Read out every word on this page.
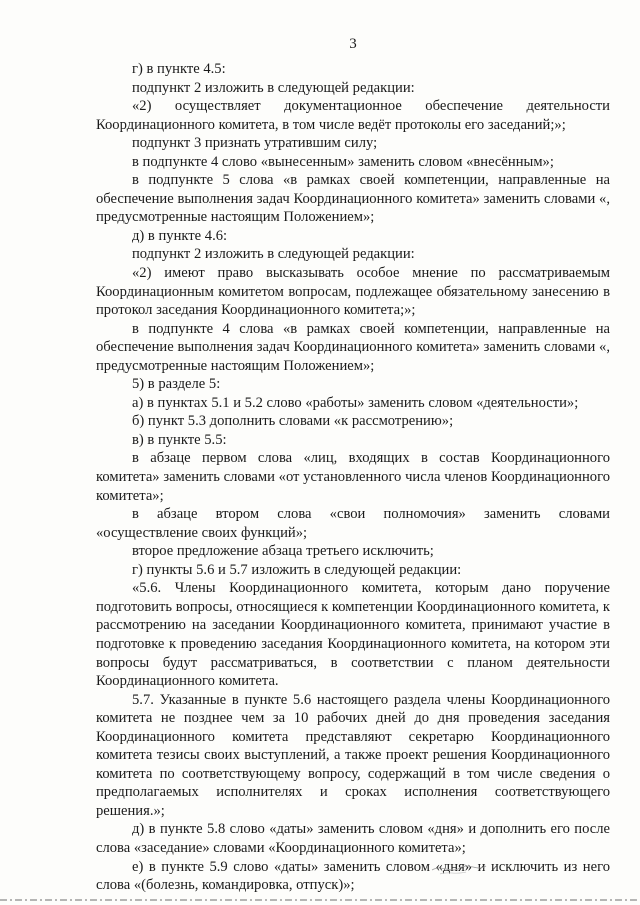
3

г) в пункте 4.5:

подпункт 2 изложить в следующей редакции:

«2) осуществляет документационное обеспечение деятельности Координационного комитета, в том числе ведёт протоколы его заседаний;»;

подпункт 3 признать утратившим силу;

в подпункте 4 слово «вынесенным» заменить словом «внесённым»;

в подпункте 5 слова «в рамках своей компетенции, направленные на обеспечение выполнения задач Координационного комитета» заменить словами «, предусмотренные настоящим Положением»;

д) в пункте 4.6:

подпункт 2 изложить в следующей редакции:

«2) имеют право высказывать особое мнение по рассматриваемым Координационным комитетом вопросам, подлежащее обязательному занесению в протокол заседания Координационного комитета;»;

в подпункте 4 слова «в рамках своей компетенции, направленные на обеспечение выполнения задач Координационного комитета» заменить словами «, предусмотренные настоящим Положением»;

5) в разделе 5:

а) в пунктах 5.1 и 5.2 слово «работы» заменить словом «деятельности»;

б) пункт 5.3 дополнить словами «к рассмотрению»;

в) в пункте 5.5:

в абзаце первом слова «лиц, входящих в состав Координационного комитета» заменить словами «от установленного числа членов Координационного комитета»;

в абзаце втором слова «свои полномочия» заменить словами «осуществление своих функций»;

второе предложение абзаца третьего исключить;

г) пункты 5.6 и 5.7 изложить в следующей редакции:

«5.6. Члены Координационного комитета, которым дано поручение подготовить вопросы, относящиеся к компетенции Координационного комитета, к рассмотрению на заседании Координационного комитета, принимают участие в подготовке к проведению заседания Координационного комитета, на котором эти вопросы будут рассматриваться, в соответствии с планом деятельности Координационного комитета.

5.7. Указанные в пункте 5.6 настоящего раздела члены Координационного комитета не позднее чем за 10 рабочих дней до дня проведения заседания Координационного комитета представляют секретарю Координационного комитета тезисы своих выступлений, а также проект решения Координационного комитета по соответствующему вопросу, содержащий в том числе сведения о предполагаемых исполнителях и сроках исполнения соответствующего решения.»;

д) в пункте 5.8 слово «даты» заменить словом «дня» и дополнить его после слова «заседание» словами «Координационного комитета»;

е) в пункте 5.9 слово «даты» заменить словом «дня» и исключить из него слова «(болезнь, командировка, отпуск)»;
